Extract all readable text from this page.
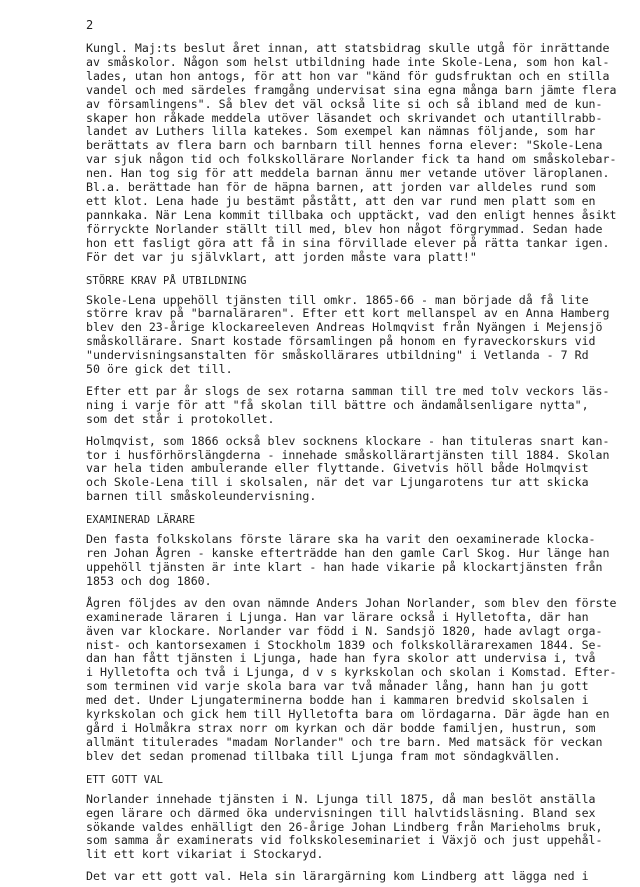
2

Kungl. Maj:ts beslut året innan, att statsbidrag skulle utgå för inrättande
av småskolor. Någon som helst utbildning hade inte Skole-Lena, som hon kal-
lades, utan hon antogs, för att hon var "känd för gudsfruktan och en stilla
vandel och med särdeles framgång undervisat sina egna många barn jämte flera
av församlingens". Så blev det väl också lite si och så ibland med de kun-
skaper hon råkade meddela utöver läsandet och skrivandet och utantillrabb-
landet av Luthers lilla katekes. Som exempel kan nämnas följande, som har
berättats av flera barn och barnbarn till hennes forna elever: "Skole-Lena
var sjuk någon tid och folkskollärare Norlander fick ta hand om småskolebar-
nen. Han tog sig för att meddela barnan ännu mer vetande utöver läroplanen.
Bl.a. berättade han för de häpna barnen, att jorden var alldeles rund som
ett klot. Lena hade ju bestämt påstått, att den var rund men platt som en
pannkaka. När Lena kommit tillbaka och upptäckt, vad den enligt hennes åsikt
förryckte Norlander ställt till med, blev hon något förgrymmad. Sedan hade
hon ett fasligt göra att få in sina förvillade elever på rätta tankar igen.
För det var ju självklart, att jorden måste vara platt!"

STÖRRE KRAV PÅ UTBILDNING

Skole-Lena uppehöll tjänsten till omkr. 1865-66 - man började då få lite
större krav på "barnaläraren". Efter ett kort mellanspel av en Anna Hamberg
blev den 23-årige klockareeleven Andreas Holmqvist från Nyängen i Mejensjö
småskollärare. Snart kostade församlingen på honom en fyraveckorskurs vid
"undervisningsanstalten för småskollärares utbildning" i Vetlanda - 7 Rd
50 öre gick det till.

Efter ett par år slogs de sex rotarna samman till tre med tolv veckors läs-
ning i varje för att "få skolan till bättre och ändamålsenligare nytta",
som det står i protokollet.

Holmqvist, som 1866 också blev socknens klockare - han tituleras snart kan-
tor i husförhörslängderna - innehade småskollärartjänsten till 1884. Skolan
var hela tiden ambulerande eller flyttande. Givetvis höll både Holmqvist
och Skole-Lena till i skolsalen, när det var Ljungarotens tur att skicka
barnen till småskoleundervisning.

EXAMINERAD LÄRARE

Den fasta folkskolans förste lärare ska ha varit den oexaminerade klocka-
ren Johan Ågren - kanske efterträdde han den gamle Carl Skog. Hur länge han
uppehöll tjänsten är inte klart - han hade vikarie på klockartjänsten från
1853 och dog 1860.

Ågren följdes av den ovan nämnde Anders Johan Norlander, som blev den förste
examinerade läraren i Ljunga. Han var lärare också i Hylletofta, där han
även var klockare. Norlander var född i N. Sandsjö 1820, hade avlagt orga-
nist- och kantorsexamen i Stockholm 1839 och folkskollärarexamen 1844. Se-
dan han fått tjänsten i Ljunga, hade han fyra skolor att undervisa i, två
i Hylletofta och två i Ljunga, d v s kyrkskolan och skolan i Komstad. Efter-
som terminen vid varje skola bara var två månader lång, hann han ju gott
med det. Under Ljungaterminerna bodde han i kammaren bredvid skolsalen i
kyrkskolan och gick hem till Hylletofta bara om lördagarna. Där ägde han en
gård i Holmåkra strax norr om kyrkan och där bodde familjen, hustrun, som
allmänt titulerades "madam Norlander" och tre barn. Med matsäck för veckan
blev det sedan promenad tillbaka till Ljunga fram mot söndagkvällen.

ETT GOTT VAL

Norlander innehade tjänsten i N. Ljunga till 1875, då man beslöt anställa
egen lärare och därmed öka undervisningen till halvtidsläsning. Bland sex
sökande valdes enhälligt den 26-årige Johan Lindberg från Marieholms bruk,
som samma år examinerats vid folkskoleseminariet i Växjö och just uppehål-
lit ett kort vikariat i Stockaryd.

Det var ett gott val. Hela sin lärargärning kom Lindberg att lägga ned i
